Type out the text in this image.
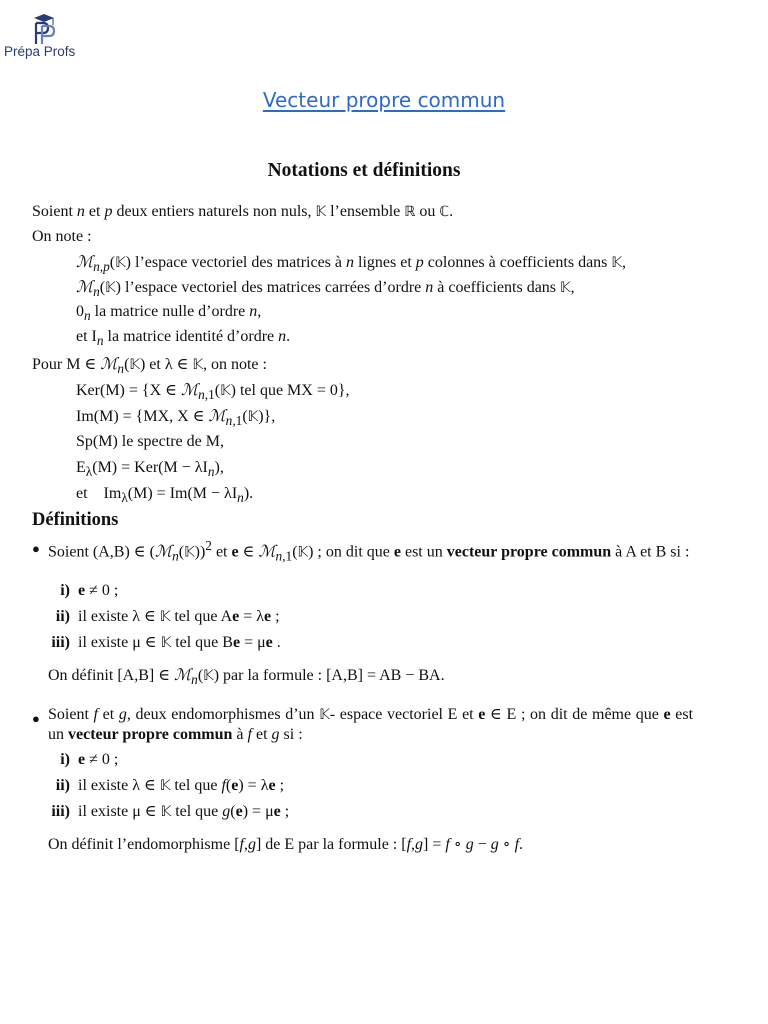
Prépa Profs
Vecteur propre commun
Notations et définitions
Soient n et p deux entiers naturels non nuls, 𝕂 l’ensemble ℝ ou ℂ.
On note :
ℳ$_{n,p}$(𝕂) l’espace vectoriel des matrices à n lignes et p colonnes à coefficients dans 𝕂,
ℳ$_n$(𝕂) l’espace vectoriel des matrices carrées d’ordre n à coefficients dans 𝕂,
$0_n$ la matrice nulle d’ordre n,
et $I_n$ la matrice identité d’ordre n.
Pour M ∈ ℳ$_n$(𝕂) et λ ∈ 𝕂, on note :
Ker(M) = {X ∈ ℳ$_{n,1}$(𝕂) tel que MX = 0},
Im(M) = {MX, X ∈ ℳ$_{n,1}$(𝕂)},
Sp(M) le spectre de M,
$E_\lambda(M) = Ker(M - \lambda I_n)$,
et    $Im_\lambda(M) = Im(M - \lambda I_n)$.
Définitions
● Soient (A,B) ∈ (ℳ$_n$(𝕂))$^2$ et e ∈ ℳ$_{n,1}$(𝕂) ; on dit que e est un vecteur propre commun à A et B si :
i) e ≠ 0 ;
ii) il existe λ ∈ 𝕂 tel que Ae = λe ;
iii) il existe μ ∈ 𝕂 tel que Be = μe .
On définit [A,B] ∈ ℳ$_n$(𝕂) par la formule : [A,B] = AB − BA.
● Soient f et g, deux endomorphismes d’un 𝕂- espace vectoriel E et e ∈ E ; on dit de même que e est un vecteur propre commun à f et g si :
i) e ≠ 0 ;
ii) il existe λ ∈ 𝕂 tel que f(e) = λe ;
iii) il existe μ ∈ 𝕂 tel que g(e) = μe ;
On définit l’endomorphisme [f,g] de E par la formule : [f,g] = f ∘ g − g ∘ f.
